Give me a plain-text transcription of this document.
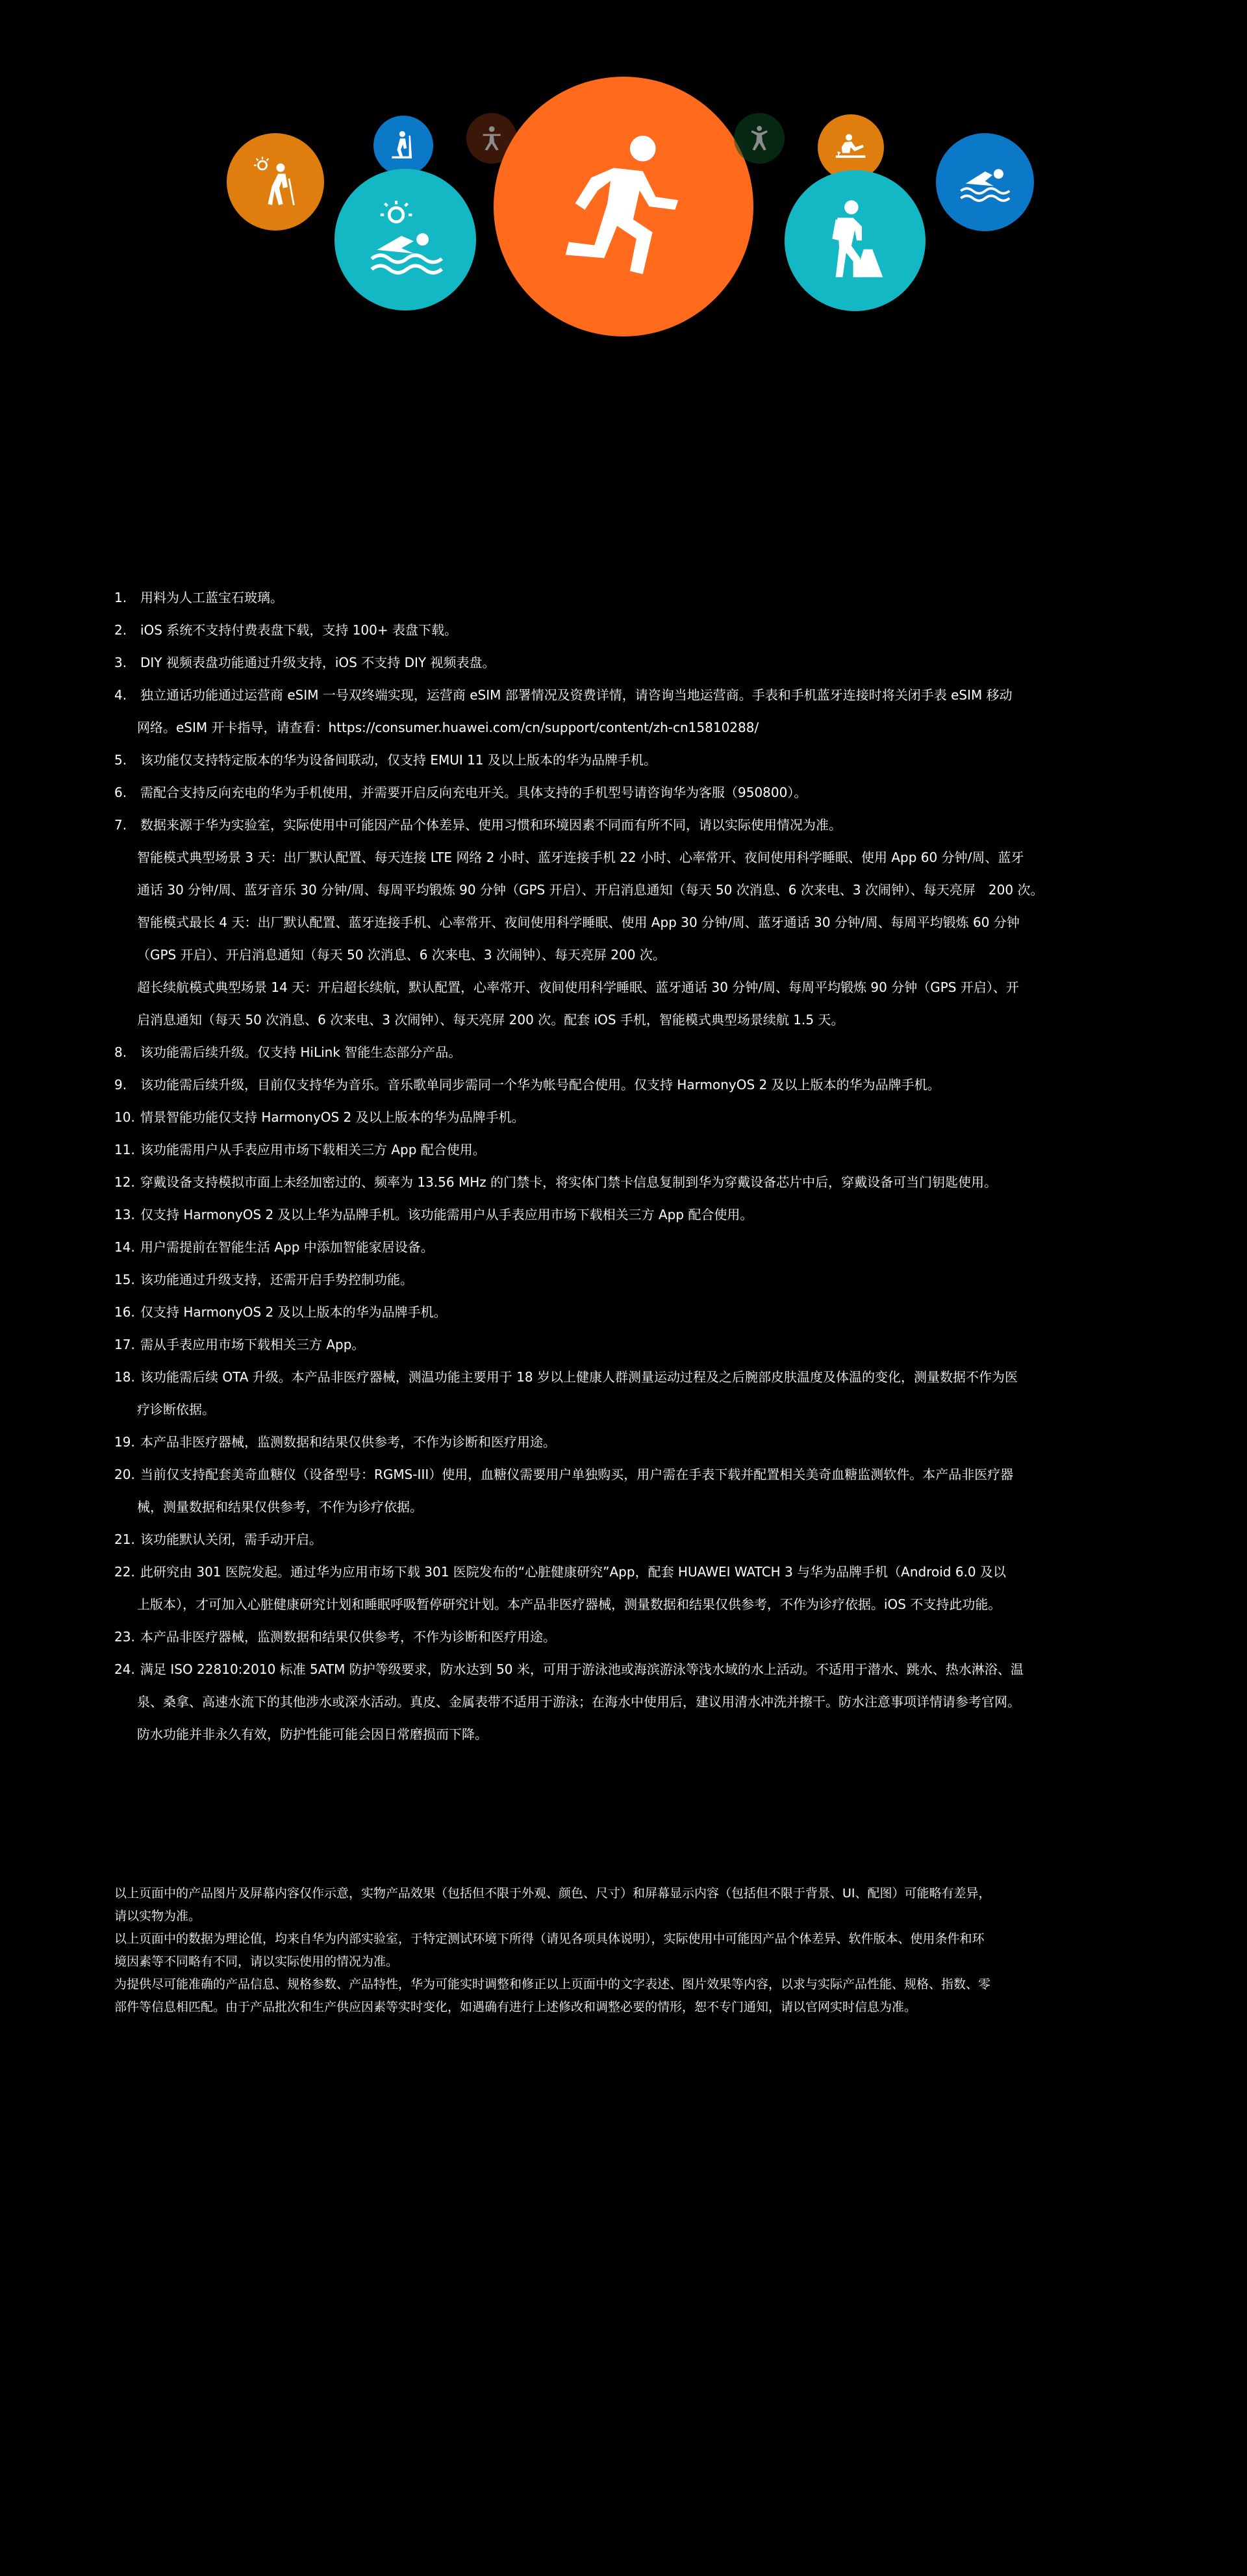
1. 用料为人工蓝宝石玻璃。
2. iOS 系统不支持付费表盘下载，支持 100+ 表盘下载。
3. DIY 视频表盘功能通过升级支持，iOS 不支持 DIY 视频表盘。
4. 独立通话功能通过运营商 eSIM 一号双终端实现，运营商 eSIM 部署情况及资费详情，请咨询当地运营商。手表和手机蓝牙连接时将关闭手表 eSIM 移动
网络。eSIM 开卡指导，请查看：https://consumer.huawei.com/cn/support/content/zh-cn15810288/
5. 该功能仅支持特定版本的华为设备间联动，仅支持 EMUI 11 及以上版本的华为品牌手机。
6. 需配合支持反向充电的华为手机使用，并需要开启反向充电开关。具体支持的手机型号请咨询华为客服（950800）。
7. 数据来源于华为实验室，实际使用中可能因产品个体差异、使用习惯和环境因素不同而有所不同，请以实际使用情况为准。
智能模式典型场景 3 天：出厂默认配置、每天连接 LTE 网络 2 小时、蓝牙连接手机 22 小时、心率常开、夜间使用科学睡眠、使用 App 60 分钟/周、蓝牙
通话 30 分钟/周、蓝牙音乐 30 分钟/周、每周平均锻炼 90 分钟（GPS 开启）、开启消息通知（每天 50 次消息、6 次来电、3 次闹钟）、每天亮屏　200 次。
智能模式最长 4 天：出厂默认配置、蓝牙连接手机、心率常开、夜间使用科学睡眠、使用 App 30 分钟/周、蓝牙通话 30 分钟/周、每周平均锻炼 60 分钟
（GPS 开启）、开启消息通知（每天 50 次消息、6 次来电、3 次闹钟）、每天亮屏 200 次。
超长续航模式典型场景 14 天：开启超长续航，默认配置，心率常开、夜间使用科学睡眠、蓝牙通话 30 分钟/周、每周平均锻炼 90 分钟（GPS 开启）、开
启消息通知（每天 50 次消息、6 次来电、3 次闹钟）、每天亮屏 200 次。配套 iOS 手机，智能模式典型场景续航 1.5 天。
8. 该功能需后续升级。仅支持 HiLink 智能生态部分产品。
9. 该功能需后续升级，目前仅支持华为音乐。音乐歌单同步需同一个华为帐号配合使用。仅支持 HarmonyOS 2 及以上版本的华为品牌手机。
10. 情景智能功能仅支持 HarmonyOS 2 及以上版本的华为品牌手机。
11. 该功能需用户从手表应用市场下载相关三方 App 配合使用。
12. 穿戴设备支持模拟市面上未经加密过的、频率为 13.56 MHz 的门禁卡，将实体门禁卡信息复制到华为穿戴设备芯片中后，穿戴设备可当门钥匙使用。
13. 仅支持 HarmonyOS 2 及以上华为品牌手机。该功能需用户从手表应用市场下载相关三方 App 配合使用。
14. 用户需提前在智能生活 App 中添加智能家居设备。
15. 该功能通过升级支持，还需开启手势控制功能。
16. 仅支持 HarmonyOS 2 及以上版本的华为品牌手机。
17. 需从手表应用市场下载相关三方 App。
18. 该功能需后续 OTA 升级。本产品非医疗器械，测温功能主要用于 18 岁以上健康人群测量运动过程及之后腕部皮肤温度及体温的变化，测量数据不作为医
疗诊断依据。
19. 本产品非医疗器械，监测数据和结果仅供参考，不作为诊断和医疗用途。
20. 当前仅支持配套美奇血糖仪（设备型号：RGMS-III）使用，血糖仪需要用户单独购买，用户需在手表下载并配置相关美奇血糖监测软件。本产品非医疗器
械，测量数据和结果仅供参考，不作为诊疗依据。
21. 该功能默认关闭，需手动开启。
22. 此研究由 301 医院发起。通过华为应用市场下载 301 医院发布的“心脏健康研究”App，配套 HUAWEI WATCH 3 与华为品牌手机（Android 6.0 及以
上版本），才可加入心脏健康研究计划和睡眠呼吸暂停研究计划。本产品非医疗器械，测量数据和结果仅供参考，不作为诊疗依据。iOS 不支持此功能。
23. 本产品非医疗器械，监测数据和结果仅供参考，不作为诊断和医疗用途。
24. 满足 ISO 22810:2010 标准 5ATM 防护等级要求，防水达到 50 米，可用于游泳池或海滨游泳等浅水域的水上活动。不适用于潜水、跳水、热水淋浴、温
泉、桑拿、高速水流下的其他涉水或深水活动。真皮、金属表带不适用于游泳；在海水中使用后，建议用清水冲洗并擦干。防水注意事项详情请参考官网。
防水功能并非永久有效，防护性能可能会因日常磨损而下降。

以上页面中的产品图片及屏幕内容仅作示意，实物产品效果（包括但不限于外观、颜色、尺寸）和屏幕显示内容（包括但不限于背景、UI、配图）可能略有差异，

请以实物为准。

以上页面中的数据为理论值，均来自华为内部实验室，于特定测试环境下所得（请见各项具体说明），实际使用中可能因产品个体差异、软件版本、使用条件和环

境因素等不同略有不同，请以实际使用的情况为准。

为提供尽可能准确的产品信息、规格参数、产品特性，华为可能实时调整和修正以上页面中的文字表述、图片效果等内容，以求与实际产品性能、规格、指数、零

部件等信息相匹配。由于产品批次和生产供应因素等实时变化，如遇确有进行上述修改和调整必要的情形，恕不专门通知，请以官网实时信息为准。
